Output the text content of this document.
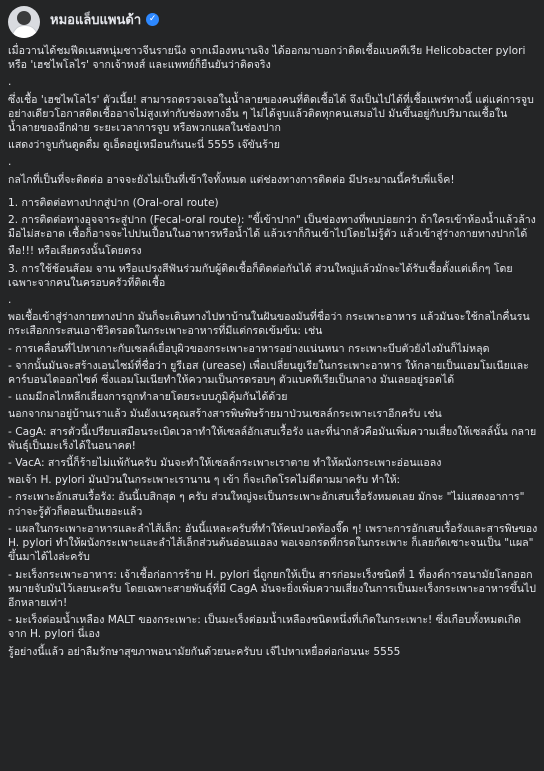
หมอแล็บแพนด้า ✓

เมื่อวานได้ชมฟีดเนสหนุ่มชาวจีนรายนึง จากเมืองหนานจิง ได้ออกมาบอกว่าติดเชื้อแบคทีเรีย Helicobacter pylori หรือ 'เฮชไพโลไร' จากเจ้าหงส์ และแพทย์ก็ยืนยันว่าติดจริง

.

ซึ่งเชื้อ 'เฮชไพโลไร' ตัวเนี้ย! สามารถตรวจเจอในน้ำลายของคนที่ติดเชื้อได้ จึงเป็นไปได้ที่เชื้อแพร่ทางนี้ แต่แค่การจูบอย่างเดียวโอกาสติดเชื้ออาจไม่สูงเท่ากับช่องทางอื่น ๆ ไม่ได้จูบแล้วติดทุกคนเสมอไป มันขึ้นอยู่กับปริมาณเชื้อในน้ำลายของอีกฝ่าย ระยะเวลาการจูบ หรือพวกแผลในช่องปาก

แสดงว่าจูบกันดูดดื่ม ดูเอ็ดอยู่เหมือนกันนะนี่ 5555 เจ๊ขันร้าย

.

กลไกที่เป็นที่จะติดต่อ อาจจะยังไม่เป็นที่เข้าใจทั้งหมด แต่ช่องทางการติดต่อ มีประมาณนี้ครับพี่แจ็ค!

1. การติดต่อทางปากสู่ปาก (Oral-oral route)

2. การติดต่อทางอุจจาระสู่ปาก (Fecal-oral route): "ขี้เข้าปาก" เป็นช่องทางที่พบบ่อยกว่า ถ้าใครเข้าห้องน้ำแล้วล้างมือไม่สะอาด เชื้อก็อาจจะไปปนเปื้อนในอาหารหรือน้ำได้ แล้วเราก็กินเข้าไปโดยไม่รู้ตัว แล้วเข้าสู่ร่างกายทางปากได้

หือ!!! หรือเลียตรงนั้นโดยตรง

3. การใช้ช้อนส้อม จาน หรือแปรงสีฟันร่วมกับผู้ติดเชื้อก็ติดต่อกันได้ ส่วนใหญ่แล้วมักจะได้รับเชื้อตั้งแต่เด็กๆ โดยเฉพาะจากคนในครอบครัวที่ติดเชื้อ

.

พอเชื้อเข้าสู่ร่างกายทางปาก มันก็จะเดินทางไปหาบ้านในฝันของมันที่ชื่อว่า กระเพาะอาหาร แล้วมันจะใช้กลไกคื่นรน กระเสือกกระสนเอาชีวิตรอดในกระเพาะอาหารที่มีแต่กรดเข้มข้น: เช่น

- การเคลื่อนที่ไปหาเกาะกับเซลล์เยื่อบุผิวของกระเพาะอาหารอย่างแน่นหนา กระเพาะบีบตัวยังไงมันก็ไม่หลุด

- จากนั้นมันจะสร้างเอนไซม์ที่ชื่อว่า ยูรีเอส (urease) เพื่อเปลี่ยนยูเรียในกระเพาะอาหาร ให้กลายเป็นแอมโมเนียและคาร์บอนไดออกไซด์ ซึ่งแอมโมเนียทำให้ความเป็นกรดรอบๆ ตัวแบคทีเรียเป็นกลาง มันเลยอยู่รอดได้

- แถมมีกลไกหลีกเลี่ยงการถูกทำลายโดยระบบภูมิคุ้มกันได้ด้วย

นอกจากมาอยู่บ้านเราแล้ว มันยังเนรคุณสร้างสารพิษพิษร้ายมาป่วนเซลล์กระเพาะเราอีกครับ เช่น

- CagA: สารตัวนี้เปรียบเสมือนระเบิดเวลาทำให้เซลล์อักเสบเรื้อรัง และที่น่ากลัวคือมันเพิ่มความเสี่ยงให้เซลล์นั้น กลายพันธุ์เป็นมะเร็งได้ในอนาคต!

- VacA: สารนี้ก็ร้ายไม่แพ้กันครับ มันจะทำให้เซลล์กระเพาะเราตาย ทำให้ผนังกระเพาะอ่อนแอลง

พอเจ้า H. pylori มันป่วนในกระเพาะเรานาน ๆ เข้า ก็จะเกิดโรคไม่ดีตามมาครับ ทำให้:

- กระเพาะอักเสบเรื้อรัง: อันนี้เบสิกสุด ๆ ครับ ส่วนใหญ่จะเป็นกระเพาะอักเสบเรื้อรังหมดเลย มักจะ "ไม่แสดงอาการ" กว่าจะรู้ตัวก็ตอนเป็นเยอะแล้ว

- แผลในกระเพาะอาหารและลำไส้เล็ก: อันนี้แหละครับที่ทำให้คนปวดท้องจี๊ด ๆ! เพราะการอักเสบเรื้อรังและสารพิษของ H. pylori ทำให้ผนังกระเพาะและลำไส้เล็กส่วนต้นอ่อนแอลง พอเจอกรดที่กรดในกระเพาะ ก็เลยกัดเซาะจนเป็น "แผล" ขึ้นมาได้ไงล่ะครับ

- มะเร็งกระเพาะอาหาร: เจ้าเชื้อก่อการร้าย H. pylori นี่ถูกยกให้เป็น สารก่อมะเร็งชนิดที่ 1 ที่องค์การอนามัยโลกออกหมายจับมันไว้เลยนะครับ โดยเฉพาะสายพันธุ์ที่มี CagA มันจะยิ่งเพิ่มความเสี่ยงในการเป็นมะเร็งกระเพาะอาหารขึ้นไปอีกหลายเท่า!

- มะเร็งต่อมน้ำเหลือง MALT ของกระเพาะ: เป็นมะเร็งต่อมน้ำเหลืองชนิดหนึ่งที่เกิดในกระเพาะ! ซึ่งเกือบทั้งหมดเกิดจาก H. pylori นี่เอง

รู้อย่างนี้แล้ว อย่าลืมรักษาสุขภาพอนามัยกันด้วยนะครับบ เจ๊ไปหาเหยื่อต่อก่อนนะ 5555
